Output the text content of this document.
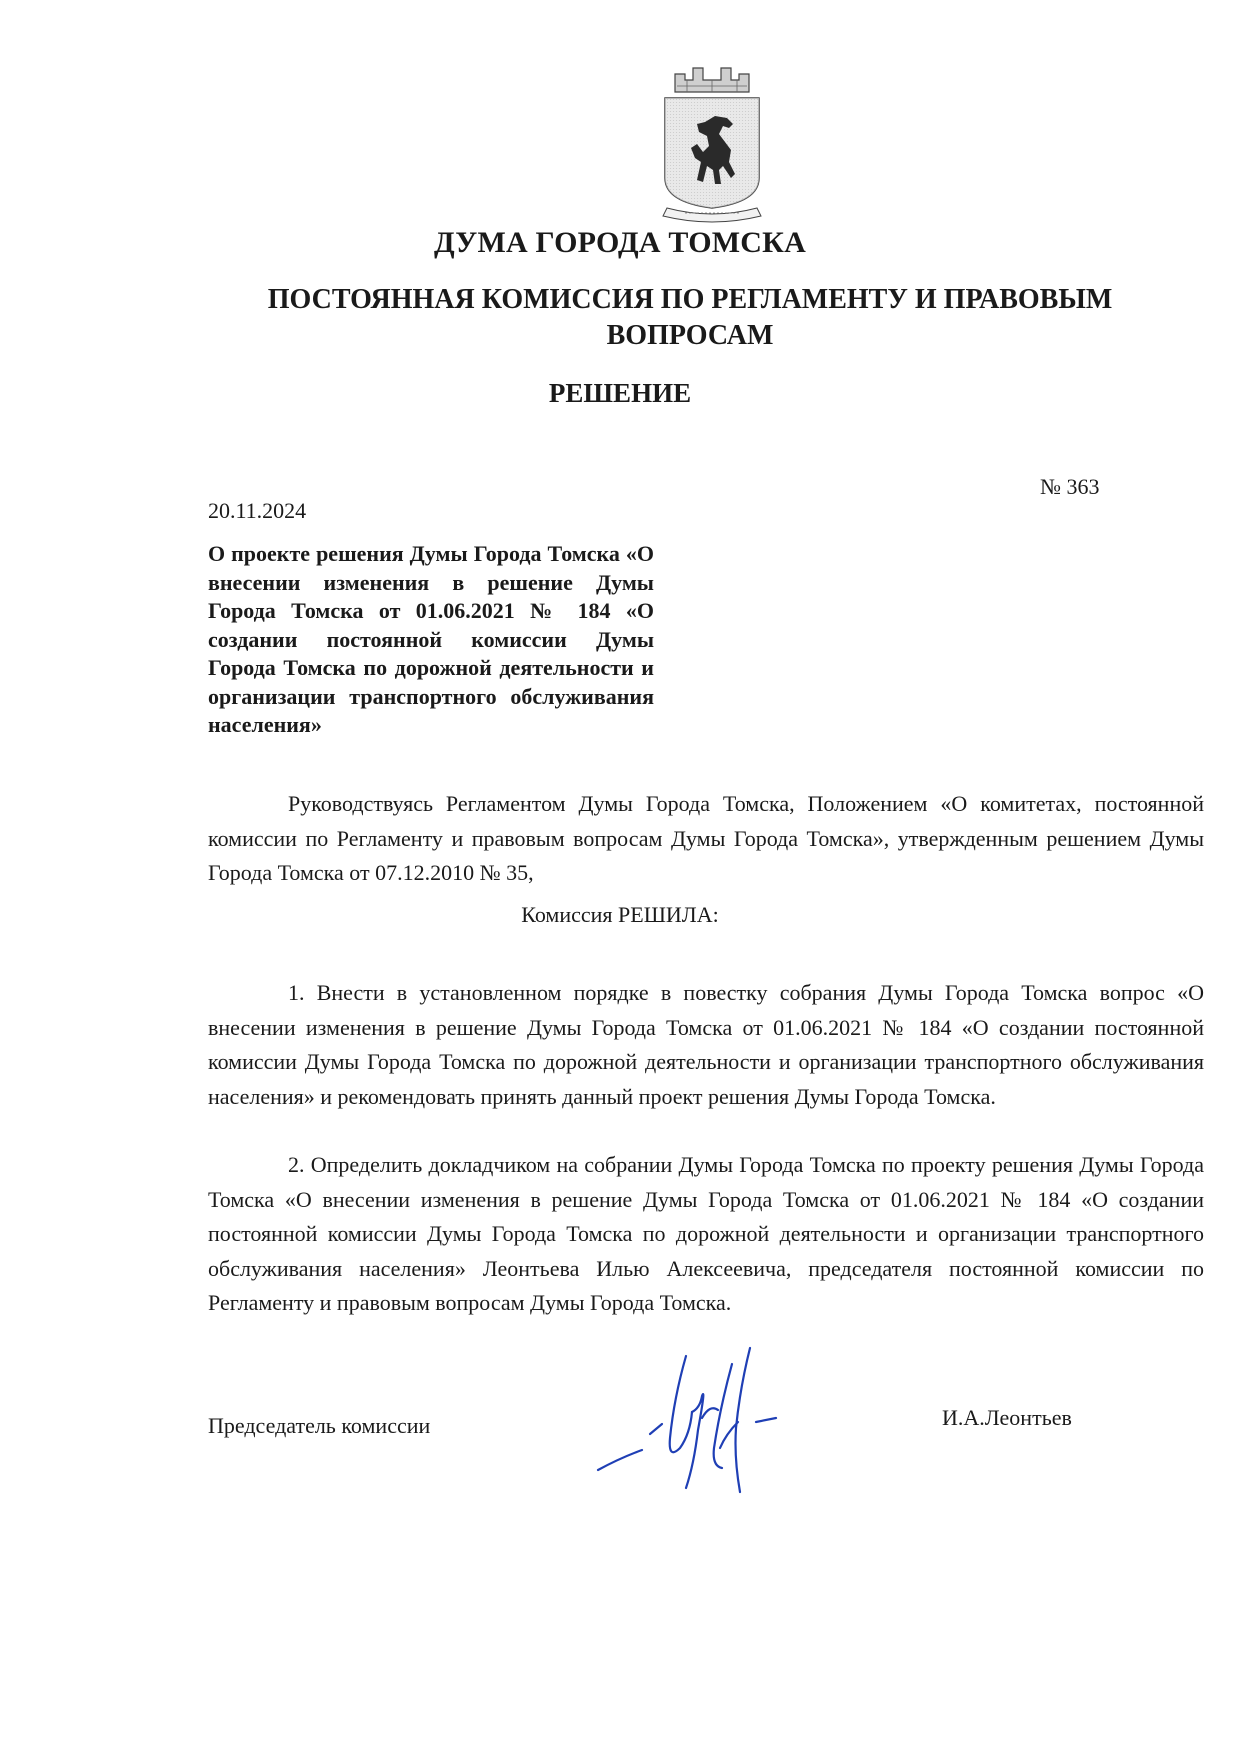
ДУМА ГОРОДА ТОМСКА
ПОСТОЯННАЯ КОМИССИЯ ПО РЕГЛАМЕНТУ И ПРАВОВЫМ ВОПРОСАМ
РЕШЕНИЕ
№ 363
20.11.2024
О проекте решения Думы Города Томска «О внесении изменения в решение Думы Города Томска от 01.06.2021 № 184 «О создании постоянной комиссии Думы Города Томска по дорожной деятельности и организации транспортного обслуживания населения»
Руководствуясь Регламентом Думы Города Томска, Положением «О комитетах, постоянной комиссии по Регламенту и правовым вопросам Думы Города Томска», утвержденным решением Думы Города Томска от 07.12.2010 № 35,
Комиссия РЕШИЛА:
1. Внести в установленном порядке в повестку собрания Думы Города Томска вопрос «О внесении изменения в решение Думы Города Томска от 01.06.2021 № 184 «О создании постоянной комиссии Думы Города Томска по дорожной деятельности и организации транспортного обслуживания населения» и рекомендовать принять данный проект решения Думы Города Томска.
2. Определить докладчиком на собрании Думы Города Томска по проекту решения Думы Города Томска «О внесении изменения в решение Думы Города Томска от 01.06.2021 № 184 «О создании постоянной комиссии Думы Города Томска по дорожной деятельности и организации транспортного обслуживания населения» Леонтьева Илью Алексеевича, председателя постоянной комиссии по Регламенту и правовым вопросам Думы Города Томска.
Председатель комиссии	И.А.Леонтьев
